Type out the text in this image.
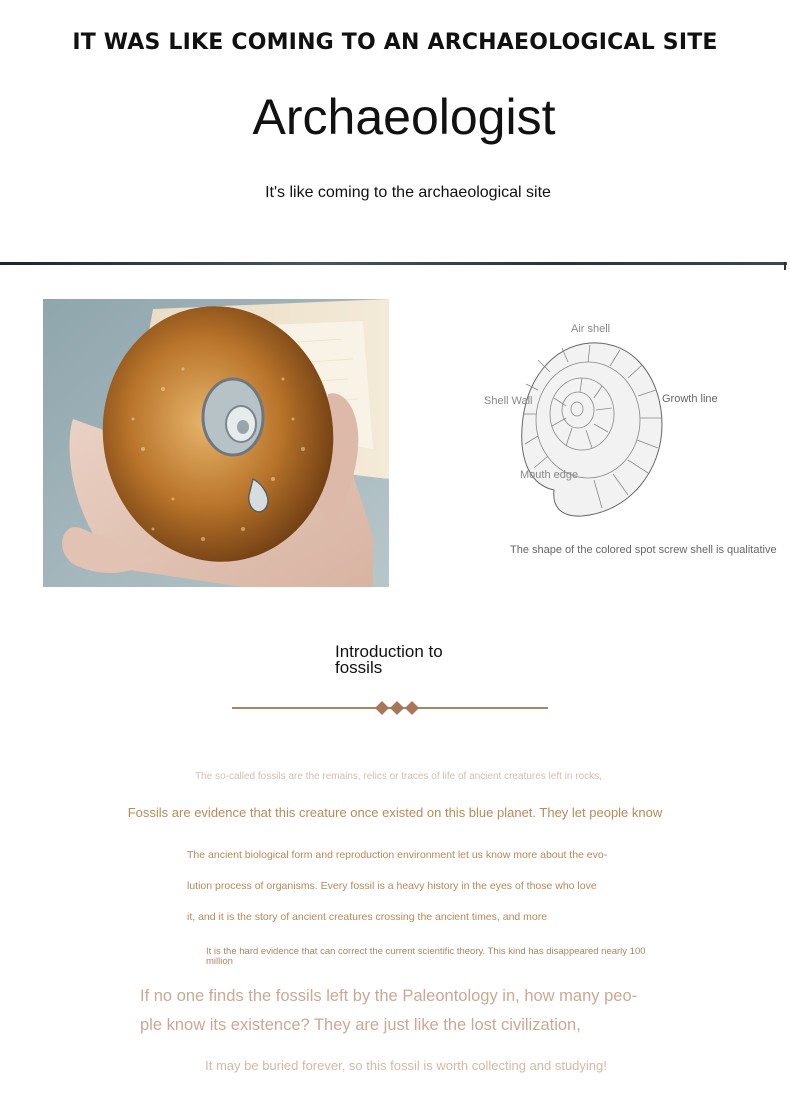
IT WAS LIKE COMING TO AN ARCHAEOLOGICAL SITE
Archaeologist
It's like coming to the archaeological site
Air shell
Shell Wall	Growth line
Mouth edge
The shape of the colored spot screw shell is qualitative
Introduction to
fossils
The so-called fossils are the remains, relics or traces of life of ancient creatures left in rocks,
Fossils are evidence that this creature once existed on this blue planet. They let people know
The ancient biological form and reproduction environment let us know more about the evo-
lution process of organisms. Every fossil is a heavy history in the eyes of those who love
it, and it is the story of ancient creatures crossing the ancient times, and more
It is the hard evidence that can correct the current scientific theory. This kind has disappeared nearly 100 million
If no one finds the fossils left by the Paleontology in, how many peo-
ple know its existence? They are just like the lost civilization,
It may be buried forever, so this fossil is worth collecting and studying!
